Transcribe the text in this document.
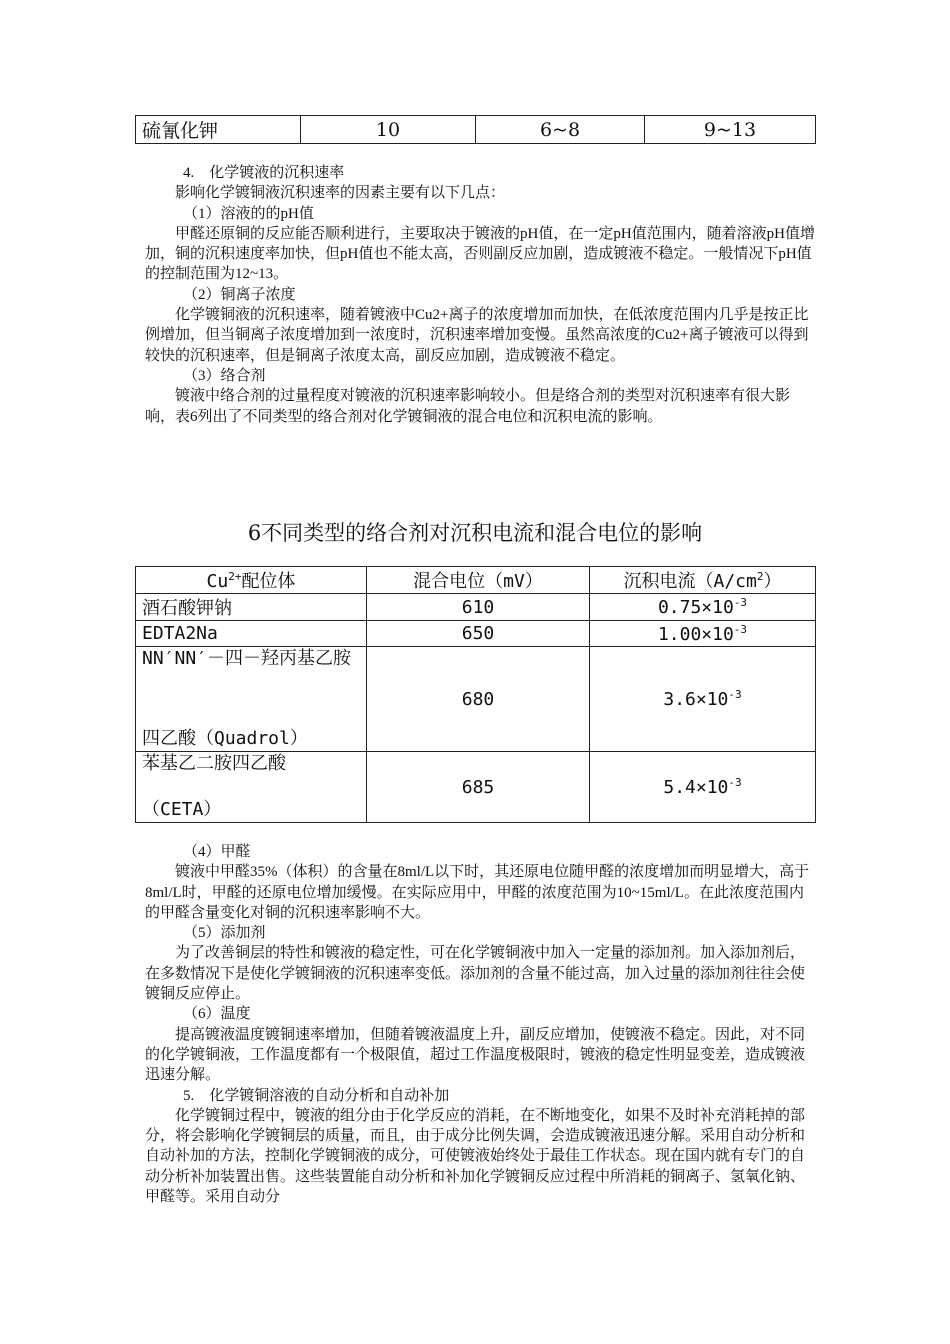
硫氰化钾	10	6~8	9~13

4.　化学镀液的沉积速率

影响化学镀铜液沉积速率的因素主要有以下几点：

（1）溶液的的pH值

甲醛还原铜的反应能否顺利进行，主要取决于镀液的pH值，在一定pH值范围内，随着溶液pH值增加，铜的沉积速度率加快，但pH值也不能太高，否则副反应加剧，造成镀液不稳定。一般情况下pH值的控制范围为12~13。

（2）铜离子浓度

化学镀铜液的沉积速率，随着镀液中Cu2+离子的浓度增加而加快，在低浓度范围内几乎是按正比例增加，但当铜离子浓度增加到一浓度时，沉积速率增加变慢。虽然高浓度的Cu2+离子镀液可以得到较快的沉积速率，但是铜离子浓度太高，副反应加剧，造成镀液不稳定。

（3）络合剂

镀液中络合剂的过量程度对镀液的沉积速率影响较小。但是络合剂的类型对沉积速率有很大影响，表6列出了不同类型的络合剂对化学镀铜液的混合电位和沉积电流的影响。

6不同类型的络合剂对沉积电流和混合电位的影响
$Cu^{2+}$配位体	混合电位（mV）	沉积电流$(A/cm^2)$
酒石酸钾钠	610	$0.75\times 10^{-3}$
EDTA2Na	650	$1.00\times 10^{-3}$

NN′NN′－四－羟丙基乙胺
四乙酸（Quadrol）	680	$3.6\times 10^{-3}$

苯基乙二胺四乙酸
（CETA）	685	$5.4\times 10^{-3}$

（4）甲醛

镀液中甲醛35%（体积）的含量在8ml/L以下时，其还原电位随甲醛的浓度增加而明显增大，高于8ml/L时，甲醛的还原电位增加缓慢。在实际应用中，甲醛的浓度范围为10~15ml/L。在此浓度范围内的甲醛含量变化对铜的沉积速率影响不大。

（5）添加剂

为了改善铜层的特性和镀液的稳定性，可在化学镀铜液中加入一定量的添加剂。加入添加剂后，在多数情况下是使化学镀铜液的沉积速率变低。添加剂的含量不能过高，加入过量的添加剂往往会使镀铜反应停止。

（6）温度

提高镀液温度镀铜速率增加，但随着镀液温度上升，副反应增加，使镀液不稳定。因此，对不同的化学镀铜液，工作温度都有一个极限值，超过工作温度极限时，镀液的稳定性明显变差，造成镀液迅速分解。

5.　化学镀铜溶液的自动分析和自动补加

化学镀铜过程中，镀液的组分由于化学反应的消耗，在不断地变化，如果不及时补充消耗掉的部分，将会影响化学镀铜层的质量，而且，由于成分比例失调，会造成镀液迅速分解。采用自动分析和自动补加的方法，控制化学镀铜液的成分，可使镀液始终处于最佳工作状态。现在国内就有专门的自动分析补加装置出售。这些装置能自动分析和补加化学镀铜反应过程中所消耗的铜离子、氢氧化钠、甲醛等。采用自动分
